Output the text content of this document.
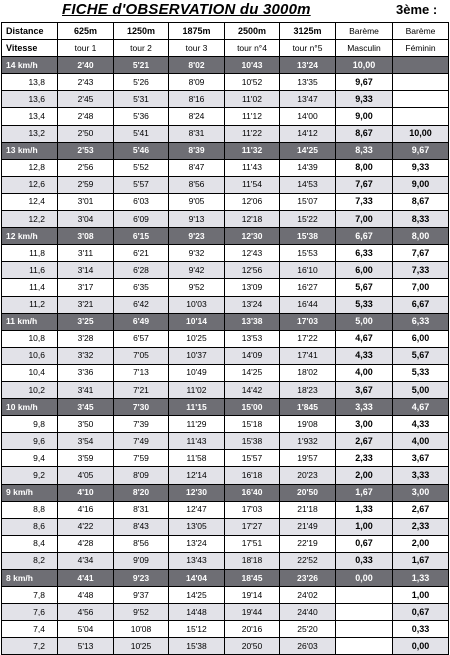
FICHE d'OBSERVATION du 3000m	3ème :
Distance	625m	1250m	1875m	2500m	3125m	Barème	Barème
Vitesse	tour 1	tour 2	tour 3	tour n°4	tour n°5	Masculin	Féminin
14 km/h	2'40	5'21	8'02	10'43	13'24	10,00	
13,8	2'43	5'26	8'09	10'52	13'35	9,67	
13,6	2'45	5'31	8'16	11'02	13'47	9,33	
13,4	2'48	5'36	8'24	11'12	14'00	9,00	
13,2	2'50	5'41	8'31	11'22	14'12	8,67	10,00
13 km/h	2'53	5'46	8'39	11'32	14'25	8,33	9,67
12,8	2'56	5'52	8'47	11'43	14'39	8,00	9,33
12,6	2'59	5'57	8'56	11'54	14'53	7,67	9,00
12,4	3'01	6'03	9'05	12'06	15'07	7,33	8,67
12,2	3'04	6'09	9'13	12'18	15'22	7,00	8,33
12 km/h	3'08	6'15	9'23	12'30	15'38	6,67	8,00
11,8	3'11	6'21	9'32	12'43	15'53	6,33	7,67
11,6	3'14	6'28	9'42	12'56	16'10	6,00	7,33
11,4	3'17	6'35	9'52	13'09	16'27	5,67	7,00
11,2	3'21	6'42	10'03	13'24	16'44	5,33	6,67
11 km/h	3'25	6'49	10'14	13'38	17'03	5,00	6,33
10,8	3'28	6'57	10'25	13'53	17'22	4,67	6,00
10,6	3'32	7'05	10'37	14'09	17'41	4,33	5,67
10,4	3'36	7'13	10'49	14'25	18'02	4,00	5,33
10,2	3'41	7'21	11'02	14'42	18'23	3,67	5,00
10 km/h	3'45	7'30	11'15	15'00	1'845	3,33	4,67
9,8	3'50	7'39	11'29	15'18	19'08	3,00	4,33
9,6	3'54	7'49	11'43	15'38	1'932	2,67	4,00
9,4	3'59	7'59	11'58	15'57	19'57	2,33	3,67
9,2	4'05	8'09	12'14	16'18	20'23	2,00	3,33
9 km/h	4'10	8'20	12'30	16'40	20'50	1,67	3,00
8,8	4'16	8'31	12'47	17'03	21'18	1,33	2,67
8,6	4'22	8'43	13'05	17'27	21'49	1,00	2,33
8,4	4'28	8'56	13'24	17'51	22'19	0,67	2,00
8,2	4'34	9'09	13'43	18'18	22'52	0,33	1,67
8 km/h	4'41	9'23	14'04	18'45	23'26	0,00	1,33
7,8	4'48	9'37	14'25	19'14	24'02		1,00
7,6	4'56	9'52	14'48	19'44	24'40		0,67
7,4	5'04	10'08	15'12	20'16	25'20		0,33
7,2	5'13	10'25	15'38	20'50	26'03		0,00
